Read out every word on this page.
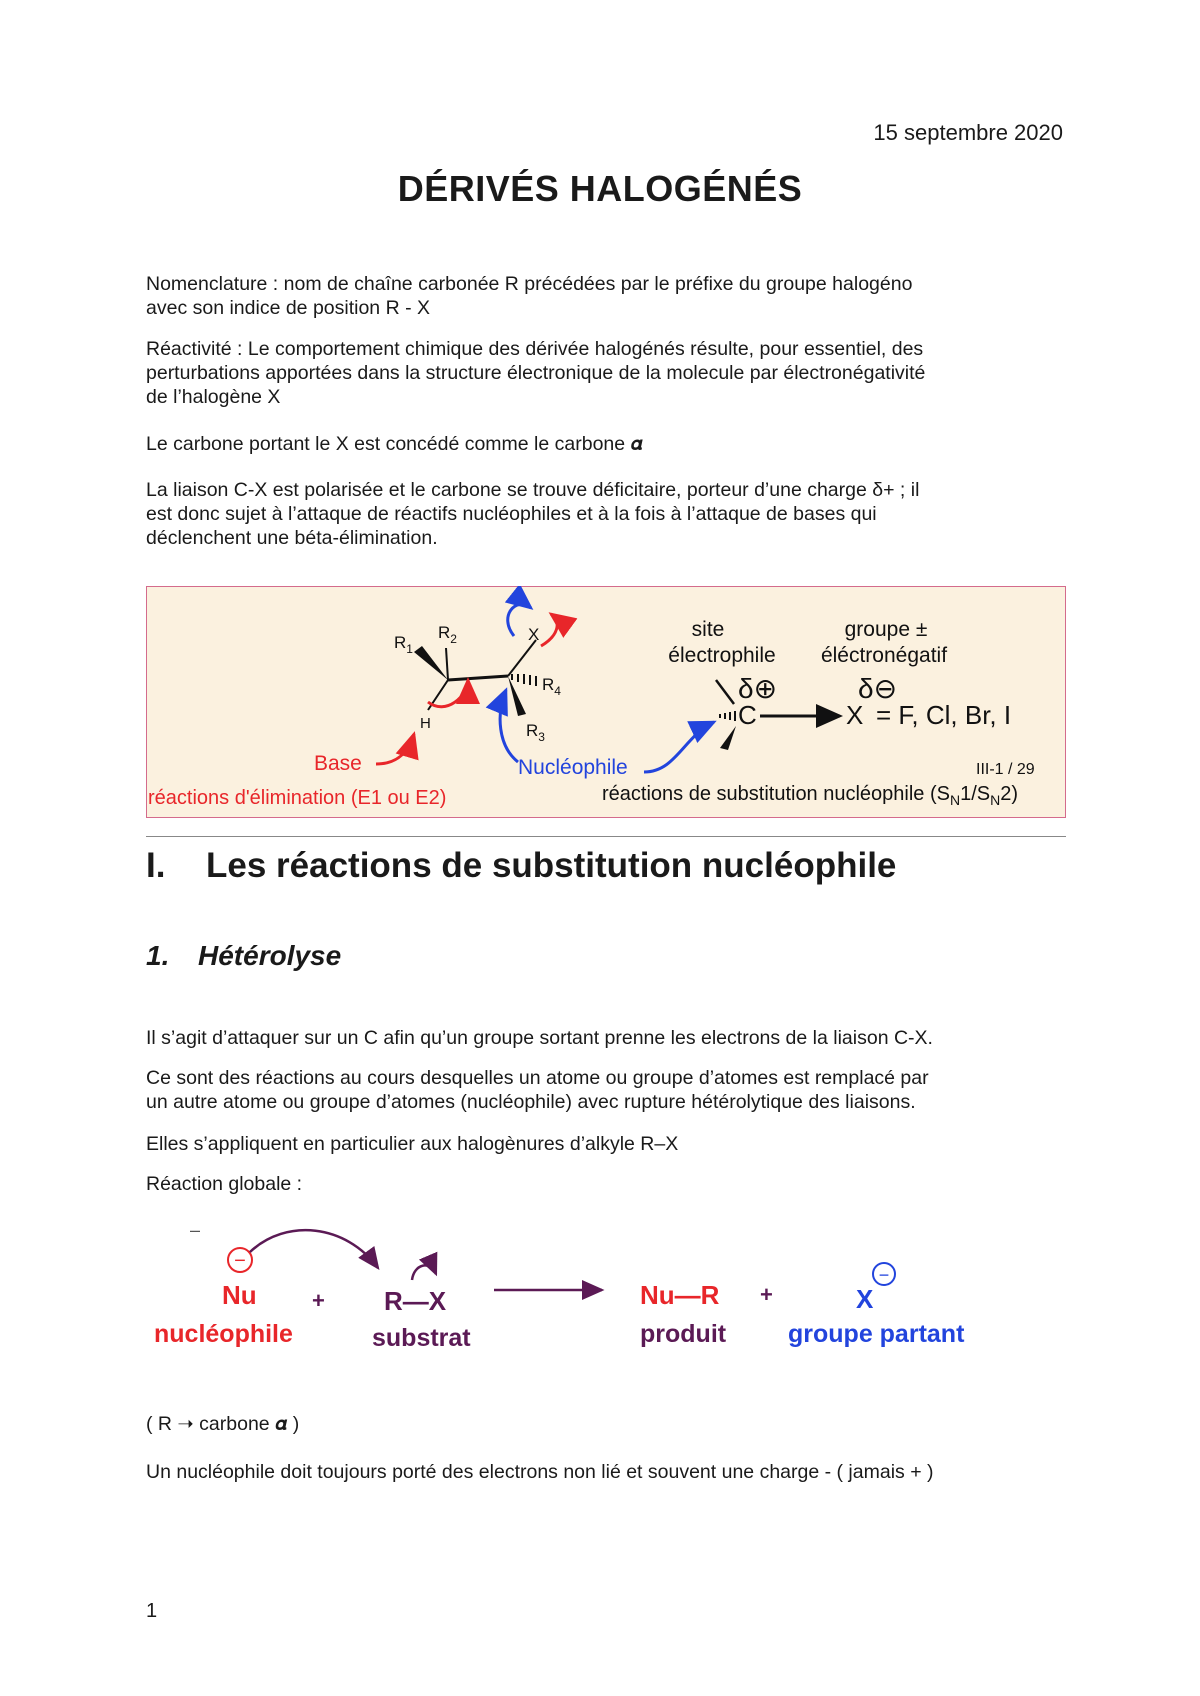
15 septembre 2020
DÉRIVÉS HALOGÉNÉS

Nomenclature : nom de chaîne carbonée R précédées par le préfixe du groupe halogéno

avec son indice de position R - X

Réactivité : Le comportement chimique des dérivée halogénés résulte, pour essentiel, des

perturbations apportées dans la structure électronique de la molecule par électronégativité

de l’halogène X

Le carbone portant le X est concédé comme le carbone 𝜶

La liaison C-X est polarisée et le carbone se trouve déficitaire, porteur d’une charge δ+ ; il

est donc sujet à l’attaque de réactifs nucléophiles et à la fois à l’attaque de bases qui

déclenchent une béta-élimination.

$R_1$
$R_2$
$R_3$
$R_4$
H
X
Base	Nucléophile
site
électrophile
groupe ±
éléctronégatif
δ⊕	δ⊖
C	X = F, Cl, Br, I
III-1 / 29
réactions d'élimination (E1 ou E2)	réactions de substitution nucléophile $(S_N1/S_N2)$
I. Les réactions de substitution nucléophile
1. Hétérolyse

Il s’agit d’attaquer sur un C afin qu’un groupe sortant prenne les electrons de la liaison C-X.

Ce sont des réactions au cours desquelles un atome ou groupe d’atomes est remplacé par

un autre atome ou groupe d’atomes (nucléophile) avec rupture hétérolytique des liaisons.

Elles s’appliquent en particulier aux halogènures d’alkyle R–X

Réaction globale :

–
−
Nu
nucléophile
+ R—X
substrat
Nu—R
produit
+	X
−
groupe partant

( R ➝ carbone 𝜶 )

Un nucléophile doit toujours porté des electrons non lié et souvent une charge - ( jamais + )

1
